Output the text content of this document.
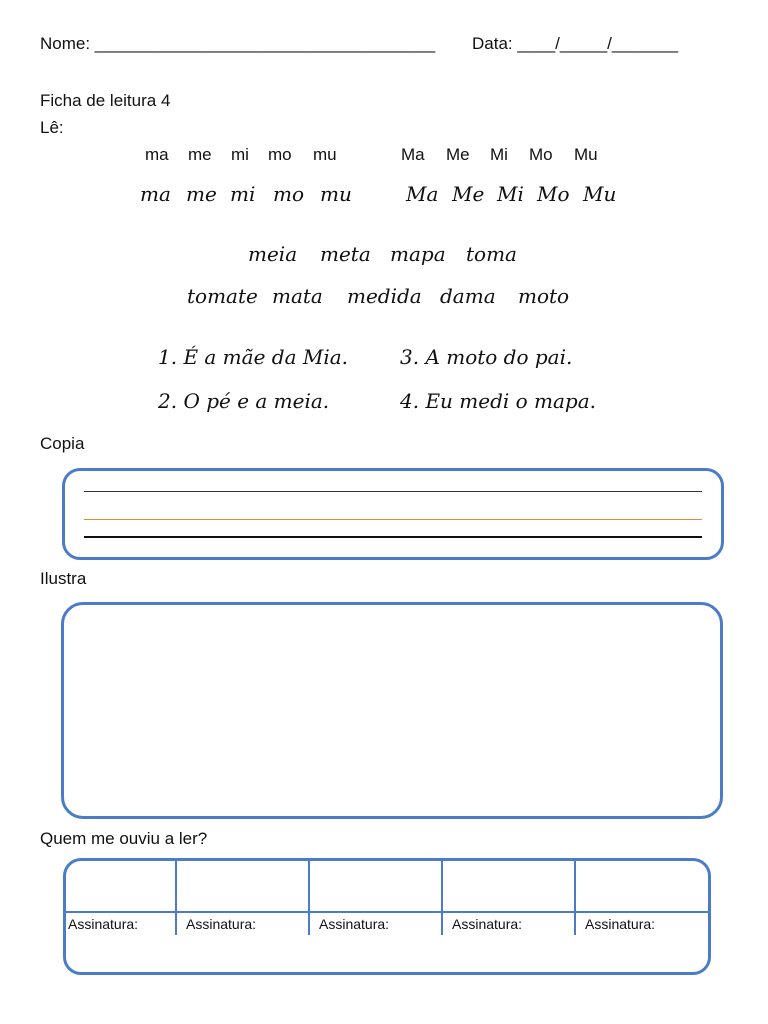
Nome: ____________________________________ Data: ____/_____/_______
Ficha de leitura 4
Lê:
ma me mi mo mu	Ma Me Mi Mo Mu
ma me mi mo mu	Ma Me Mi Mo Mu
meia meta mapa toma
tomate mata medida dama moto
1. É a mãe da Mia.	3. A moto do pai.
2. O pé e a meia.	4. Eu medi o mapa.
Copia
Ilustra
Quem me ouviu a ler?
Assinatura:	Assinatura:	Assinatura:	Assinatura:	Assinatura:
